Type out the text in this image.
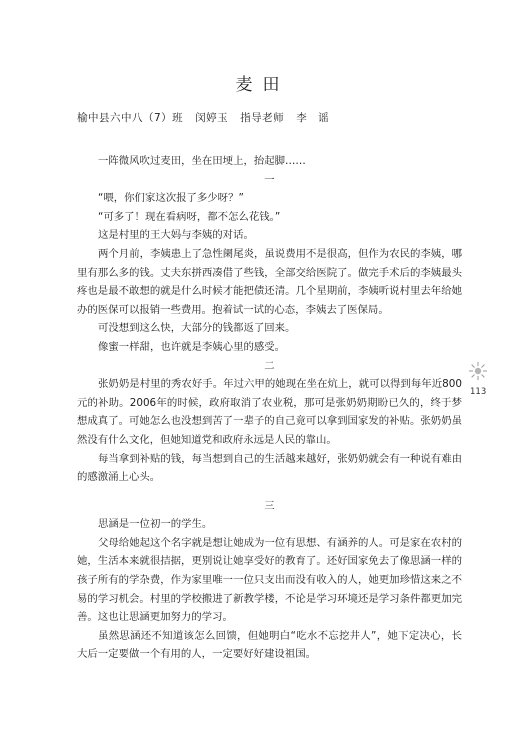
麦田
榆中县六中八（7）班 闵婷玉 指导老师 李　谣

一阵微风吹过麦田，坐在田埂上，抬起脚……

一

“喂，你们家这次报了多少呀？”

“可多了！现在看病呀，都不怎么花钱。”

这是村里的王大妈与李姨的对话。

两个月前，李姨患上了急性阑尾炎，虽说费用不是很高，但作为农民的李姨，哪里有那么多的钱。丈夫东拼西凑借了些钱，全部交给医院了。做完手术后的李姨最头疼也是最不敢想的就是什么时候才能把债还清。几个星期前，李姨听说村里去年给她办的医保可以报销一些费用。抱着试一试的心态，李姨去了医保局。

可没想到这么快，大部分的钱都返了回来。

像蜜一样甜，也许就是李姨心里的感受。

二

张奶奶是村里的秀农好手。年过六甲的她现在坐在炕上，就可以得到每年近800元的补助。2006年的时候，政府取消了农业税，那可是张奶奶期盼已久的，终于梦想成真了。可她怎么也没想到苦了一辈子的自己竟可以拿到国家发的补贴。张奶奶虽然没有什么文化，但她知道党和政府永远是人民的靠山。

每当拿到补贴的钱，每当想到自己的生活越来越好，张奶奶就会有一种说有难由的感激涌上心头。

三

思涵是一位初一的学生。

父母给她起这个名字就是想让她成为一位有思想、有涵养的人。可是家在农村的她，生活本来就很拮据，更别说让她享受好的教育了。还好国家免去了像思涵一样的孩子所有的学杂费，作为家里唯一一位只支出而没有收入的人，她更加珍惜这来之不易的学习机会。村里的学校搬进了新教学楼，不论是学习环境还是学习条件都更加完善。这也让思涵更加努力的学习。

虽然思涵还不知道该怎么回馈，但她明白“吃水不忘挖井人”，她下定决心，长大后一定要做一个有用的人，一定要好好建设祖国。

113
